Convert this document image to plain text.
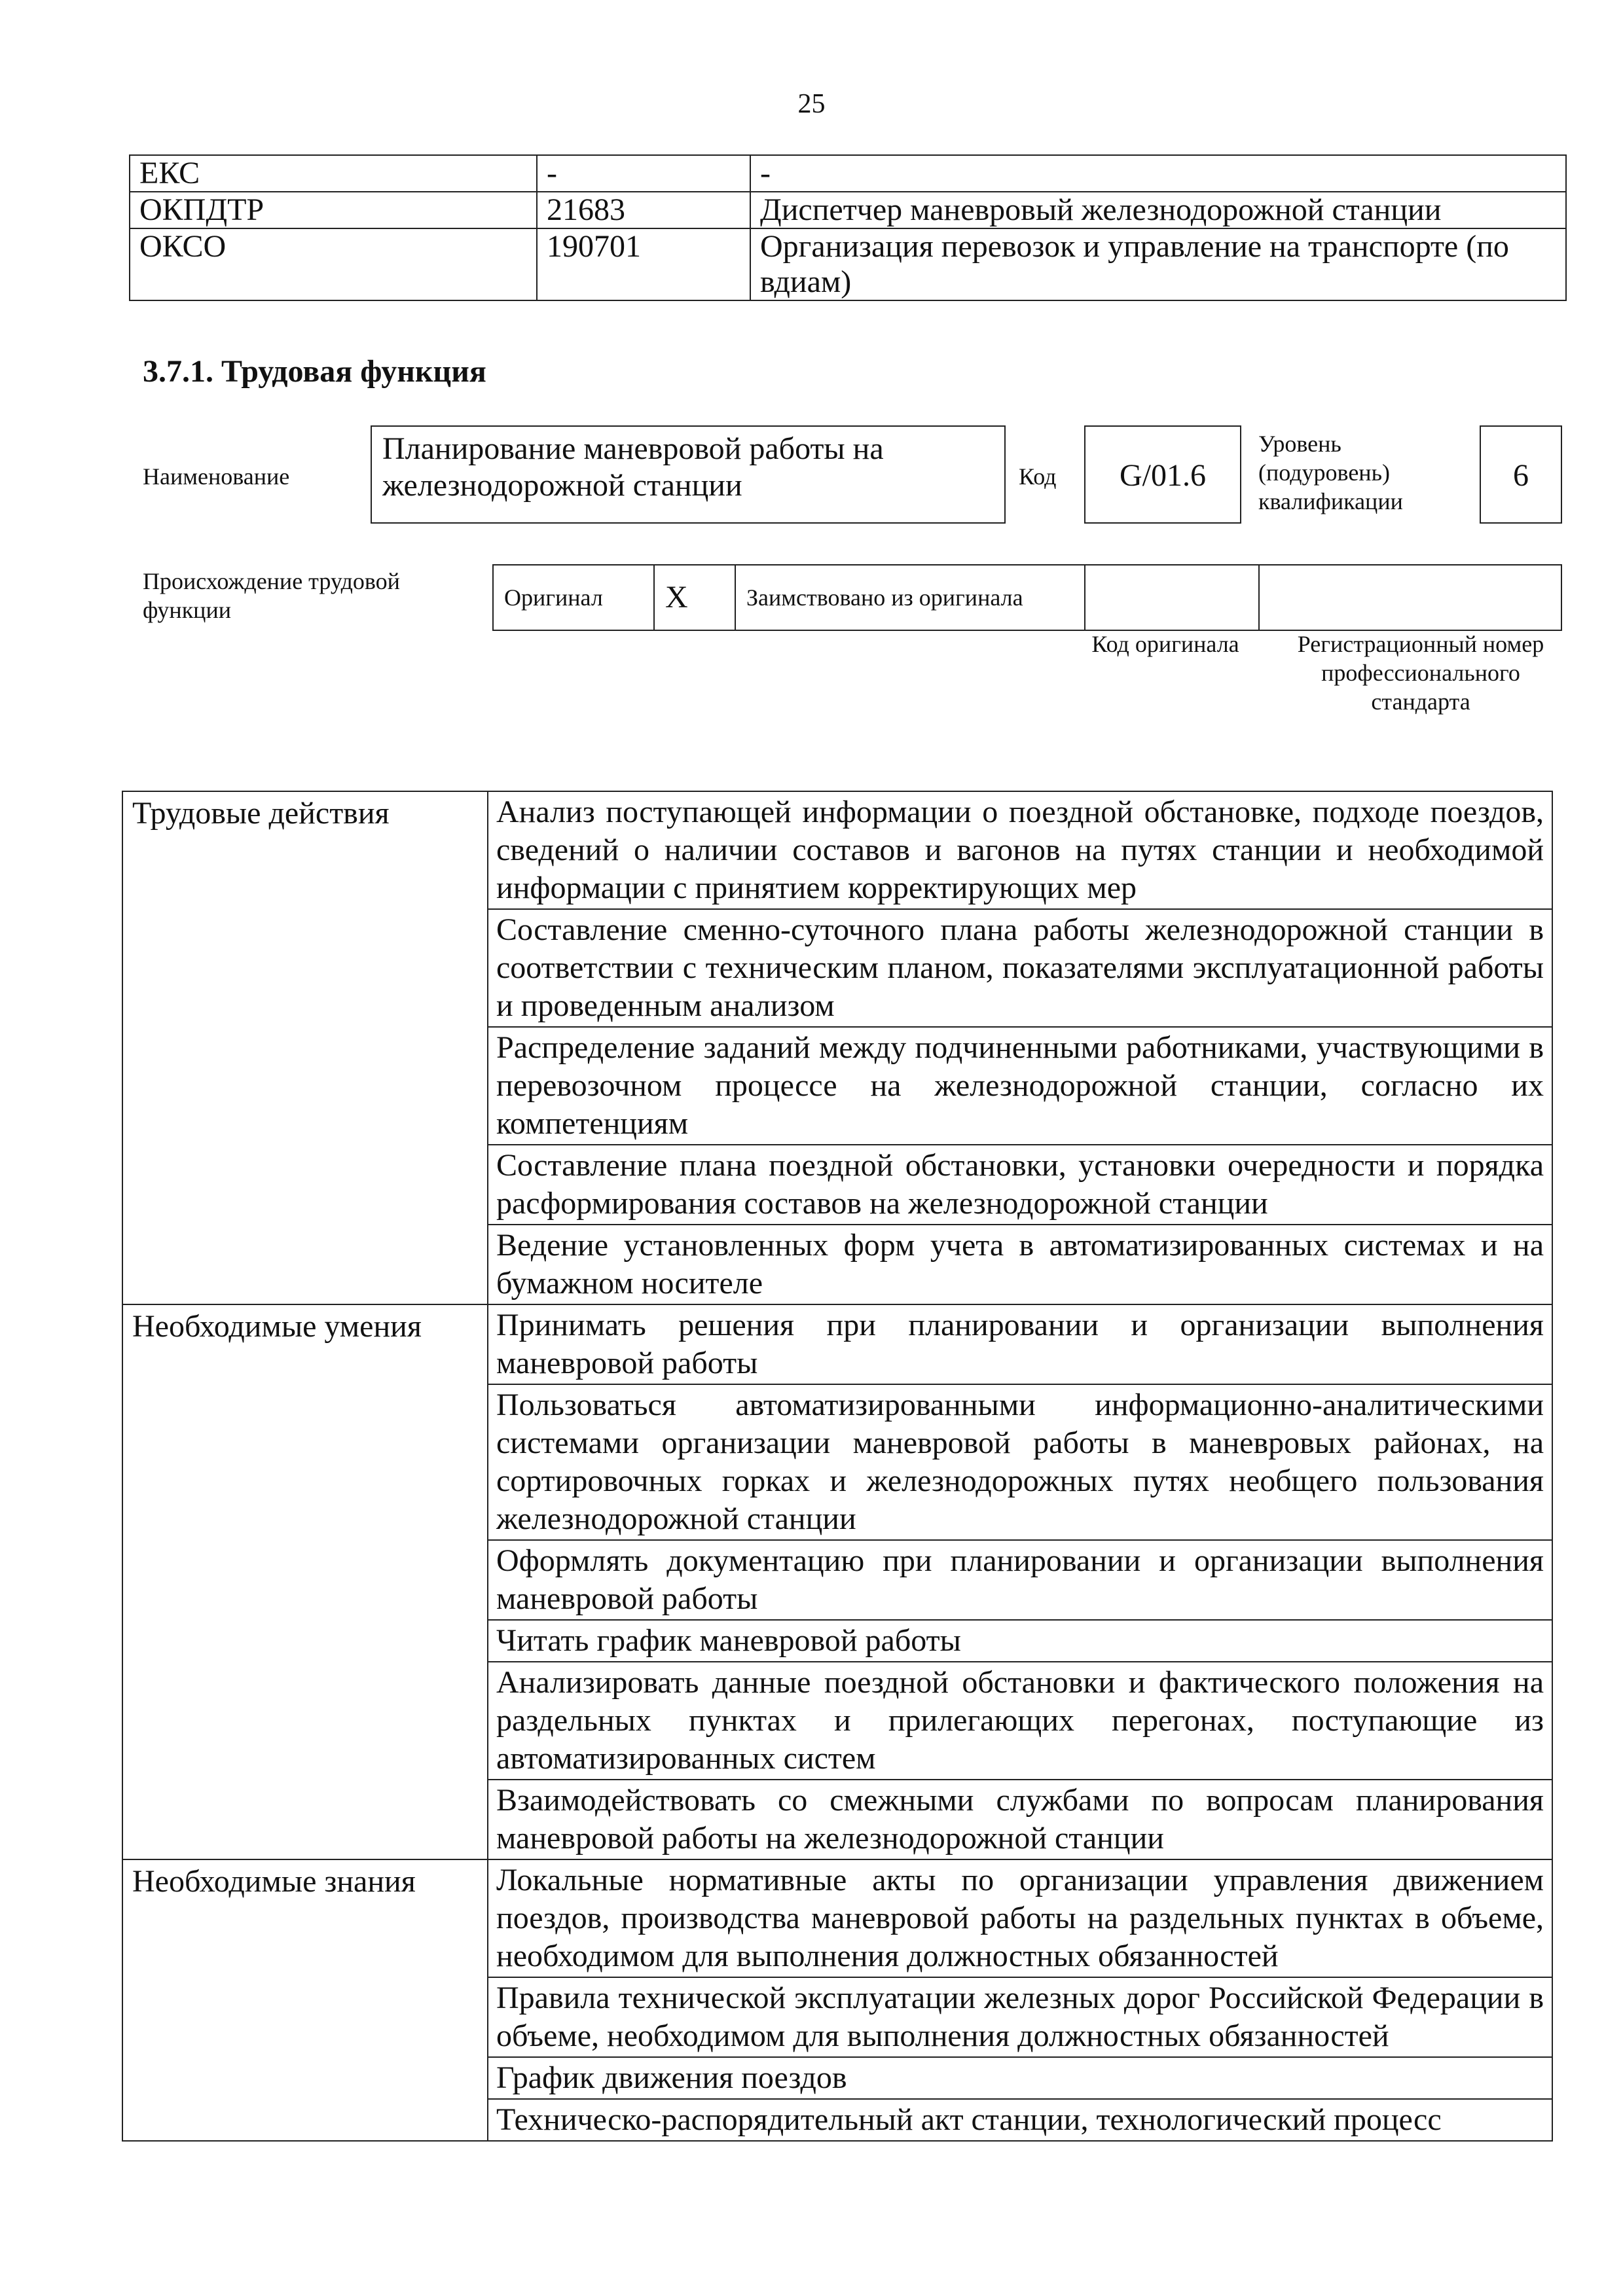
25
ЕКС	-	-
ОКПДТР	21683	Диспетчер маневровый железнодорожной станции
ОКСО	190701	Организация перевозок и управление на транспорте (по вдиам)
3.7.1. Трудовая функция
Наименование
Планирование маневровой работы на железнодорожной станции	Код	G/01.6
Уровень (подуровень) квалификации
6
Происхождение трудовой функции	Оригинал	X	Заимствовано из оригинала		
Код оригинала	Регистрационный номер профессионального стандарта
Трудовые действия	Анализ поступающей информации о поездной обстановке, подходе поездов, сведений о наличии составов и вагонов на путях станции и необходимой информации с принятием корректирующих мер
	Составление сменно-суточного плана работы железнодорожной станции в соответствии с техническим планом, показателями эксплуатационной работы и проведенным анализом
	Распределение заданий между подчиненными работниками, участвующими в перевозочном процессе на железнодорожной станции, согласно их компетенциям
	Составление плана поездной обстановки, установки очередности и порядка расформирования составов на железнодорожной станции
	Ведение установленных форм учета в автоматизированных системах и на бумажном носителе
Необходимые умения	Принимать решения при планировании и организации выполнения маневровой работы
	Пользоваться автоматизированными информационно-аналитическими системами организации маневровой работы в маневровых районах, на сортировочных горках и железнодорожных путях необщего пользования железнодорожной станции
	Оформлять документацию при планировании и организации выполнения маневровой работы
	Читать график маневровой работы
	Анализировать данные поездной обстановки и фактического положения на раздельных пунктах и прилегающих перегонах, поступающие из автоматизированных систем
	Взаимодействовать со смежными службами по вопросам планирования маневровой работы на железнодорожной станции
Необходимые знания	Локальные нормативные акты по организации управления движением поездов, производства маневровой работы на раздельных пунктах в объеме, необходимом для выполнения должностных обязанностей
	Правила технической эксплуатации железных дорог Российской Федерации в объеме, необходимом для выполнения должностных обязанностей
	График движения поездов
	Техническо-распорядительный акт станции, технологический процесс
